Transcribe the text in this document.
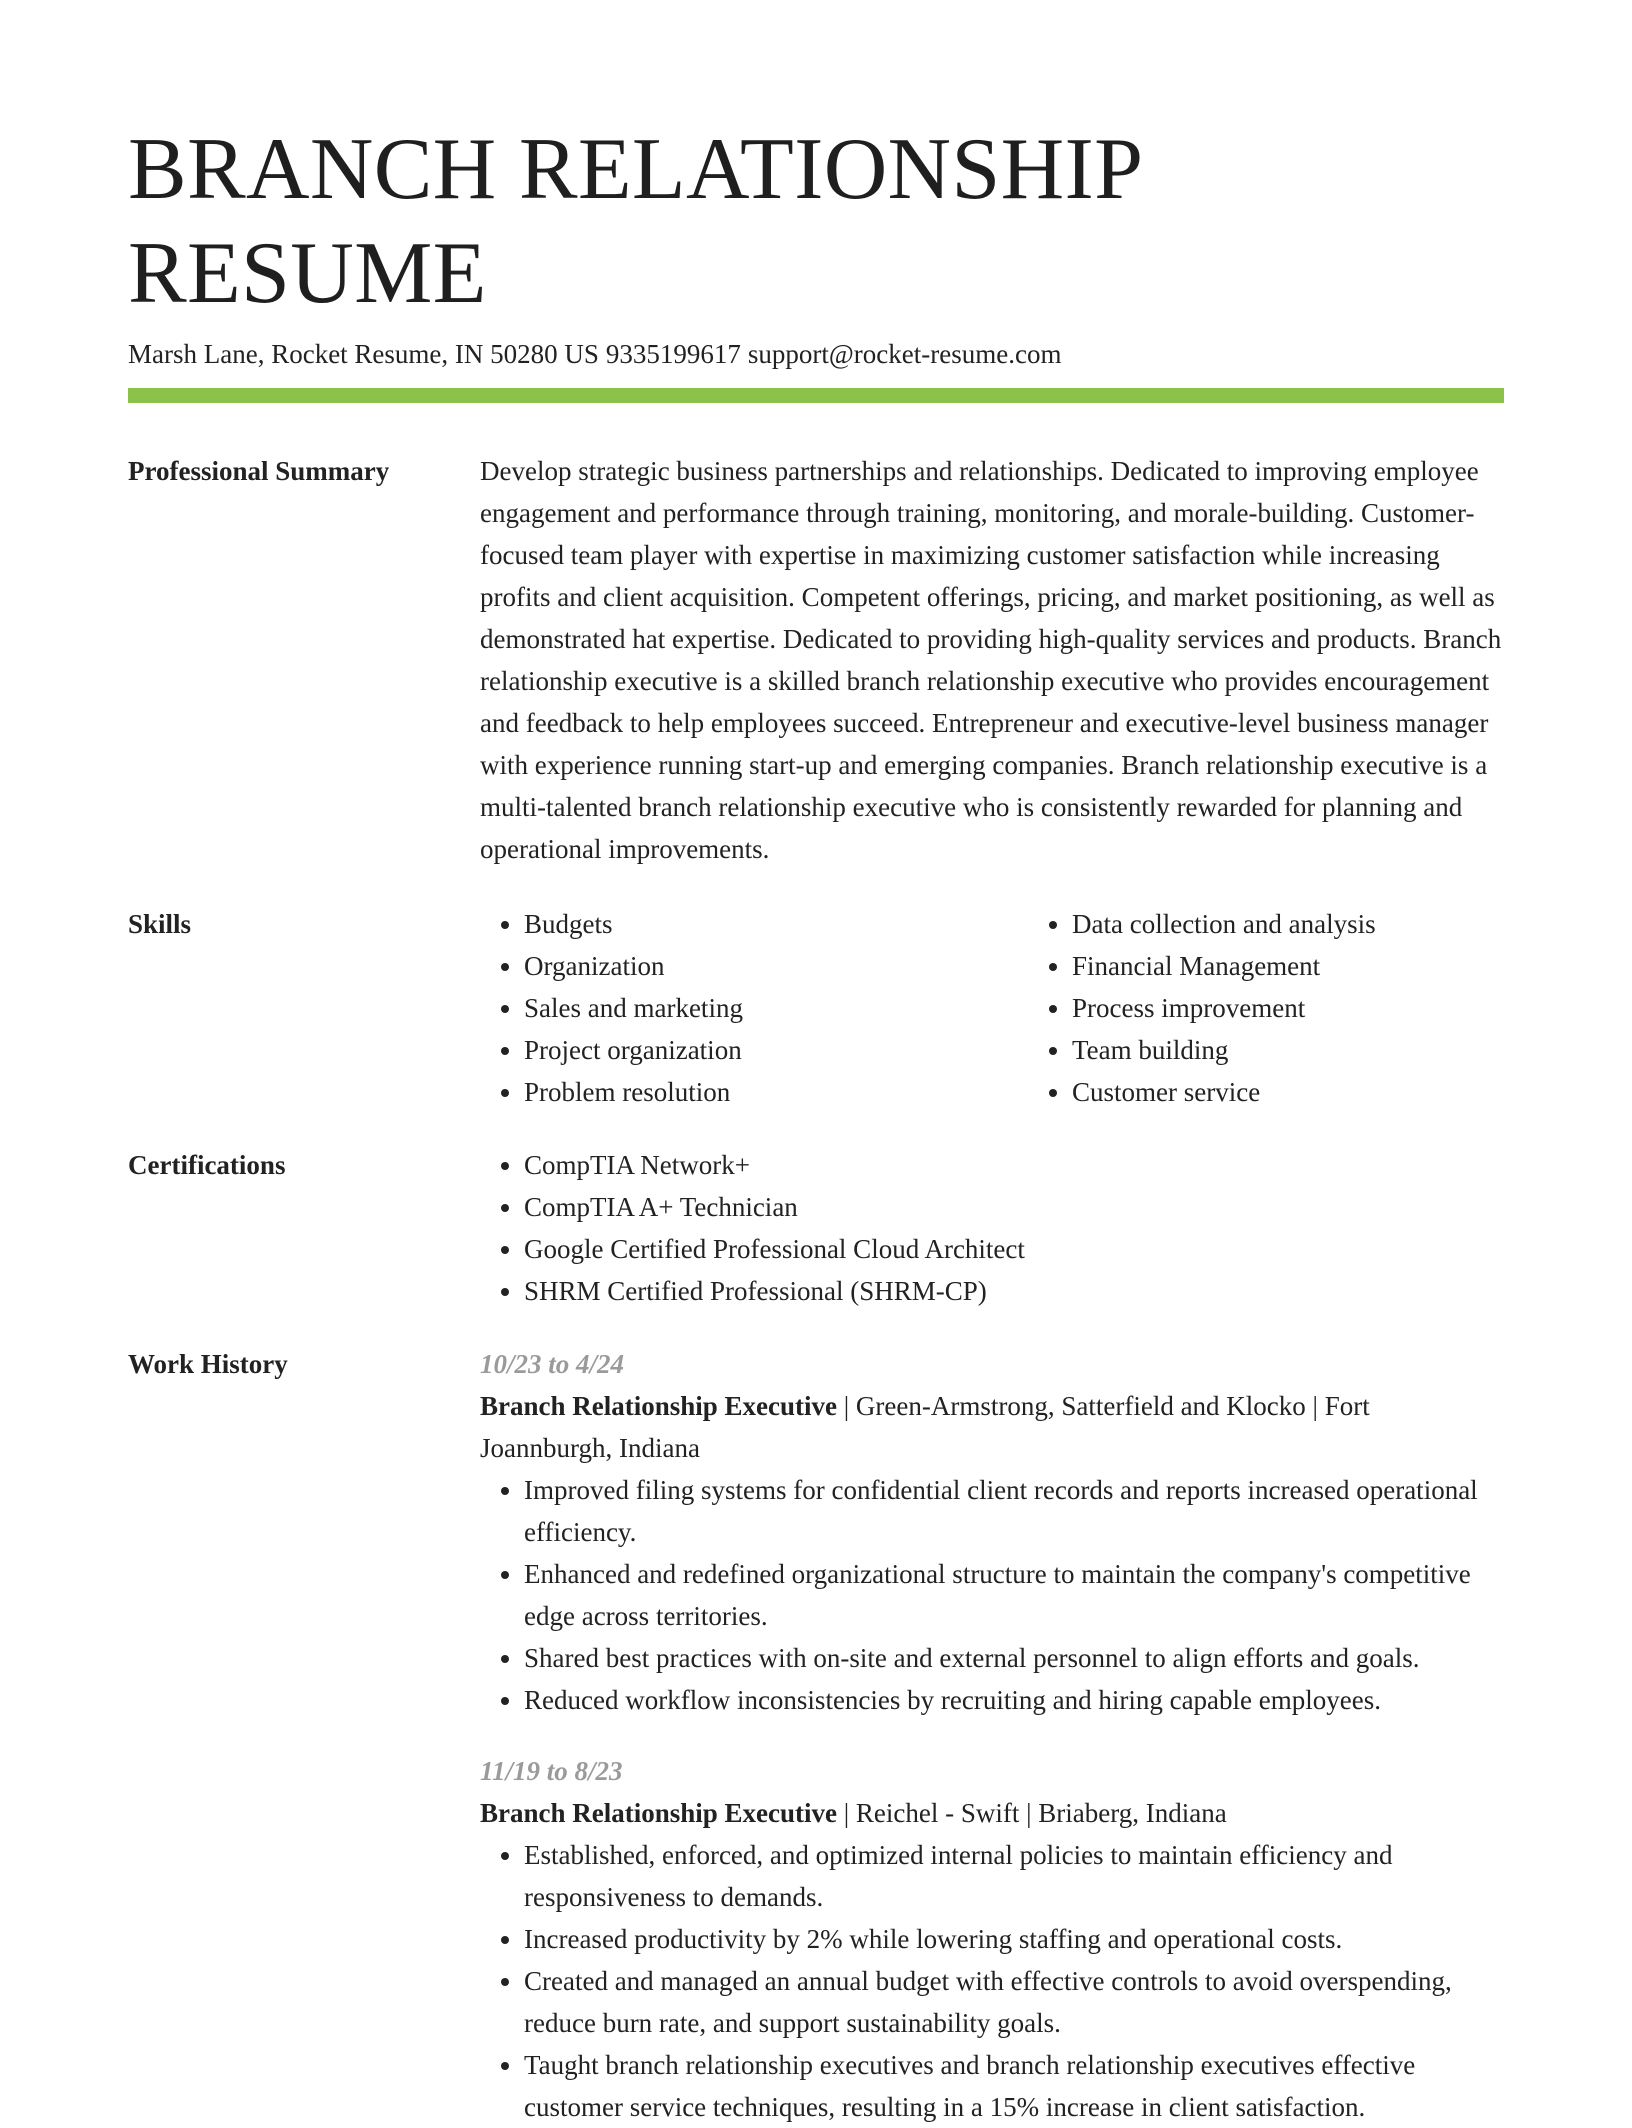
BRANCH RELATIONSHIP RESUME
Marsh Lane, Rocket Resume, IN 50280 US 9335199617 support@rocket-resume.com
Professional Summary	Develop strategic business partnerships and relationships. Dedicated to improving employee engagement and performance through training, monitoring, and morale-building. Customer-focused team player with expertise in maximizing customer satisfaction while increasing profits and client acquisition. Competent offerings, pricing, and market positioning, as well as demonstrated hat expertise. Dedicated to providing high-quality services and products. Branch relationship executive is a skilled branch relationship executive who provides encouragement and feedback to help employees succeed. Entrepreneur and executive-level business manager with experience running start-up and emerging companies. Branch relationship executive is a multi-talented branch relationship executive who is consistently rewarded for planning and operational improvements.
Skills	• Budgets
• Organization
• Sales and marketing
• Project organization
• Problem resolution
• Data collection and analysis
• Financial Management
• Process improvement
• Team building
• Customer service
Certifications	• CompTIA Network+
• CompTIA A+ Technician
• Google Certified Professional Cloud Architect
• SHRM Certified Professional (SHRM-CP)
Work History	10/23 to 4/24
Branch Relationship Executive | Green-Armstrong, Satterfield and Klocko | Fort Joannburgh, Indiana
• Improved filing systems for confidential client records and reports increased operational efficiency.
• Enhanced and redefined organizational structure to maintain the company's competitive edge across territories.
• Shared best practices with on-site and external personnel to align efforts and goals.
• Reduced workflow inconsistencies by recruiting and hiring capable employees.
11/19 to 8/23
Branch Relationship Executive | Reichel - Swift | Briaberg, Indiana
• Established, enforced, and optimized internal policies to maintain efficiency and responsiveness to demands.
• Increased productivity by 2% while lowering staffing and operational costs.
• Created and managed an annual budget with effective controls to avoid overspending, reduce burn rate, and support sustainability goals.
• Taught branch relationship executives and branch relationship executives effective customer service techniques, resulting in a 15% increase in client satisfaction.
